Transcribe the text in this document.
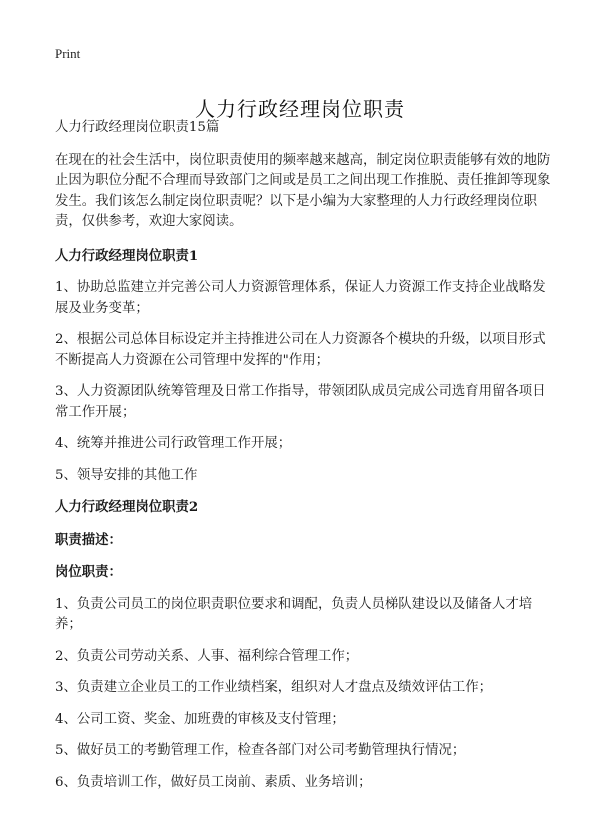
Print
人力行政经理岗位职责

人力行政经理岗位职责15篇

在现在的社会生活中，岗位职责使用的频率越来越高，制定岗位职责能够有效的地防止因为职位分配不合理而导致部门之间或是员工之间出现工作推脱、责任推卸等现象发生。我们该怎么制定岗位职责呢？以下是小编为大家整理的人力行政经理岗位职责，仅供参考，欢迎大家阅读。

人力行政经理岗位职责1

1、协助总监建立并完善公司人力资源管理体系，保证人力资源工作支持企业战略发展及业务变革；

2、根据公司总体目标设定并主持推进公司在人力资源各个模块的升级，以项目形式不断提高人力资源在公司管理中发挥的"作用；

3、人力资源团队统筹管理及日常工作指导，带领团队成员完成公司选育用留各项日常工作开展；

4、统筹并推进公司行政管理工作开展；

5、领导安排的其他工作

人力行政经理岗位职责2

职责描述：

岗位职责：

1、负责公司员工的岗位职责职位要求和调配，负责人员梯队建设以及储备人才培养；

2、负责公司劳动关系、人事、福利综合管理工作；

3、负责建立企业员工的工作业绩档案，组织对人才盘点及绩效评估工作；

4、公司工资、奖金、加班费的审核及支付管理；

5、做好员工的考勤管理工作，检查各部门对公司考勤管理执行情况；

6、负责培训工作，做好员工岗前、素质、业务培训；
